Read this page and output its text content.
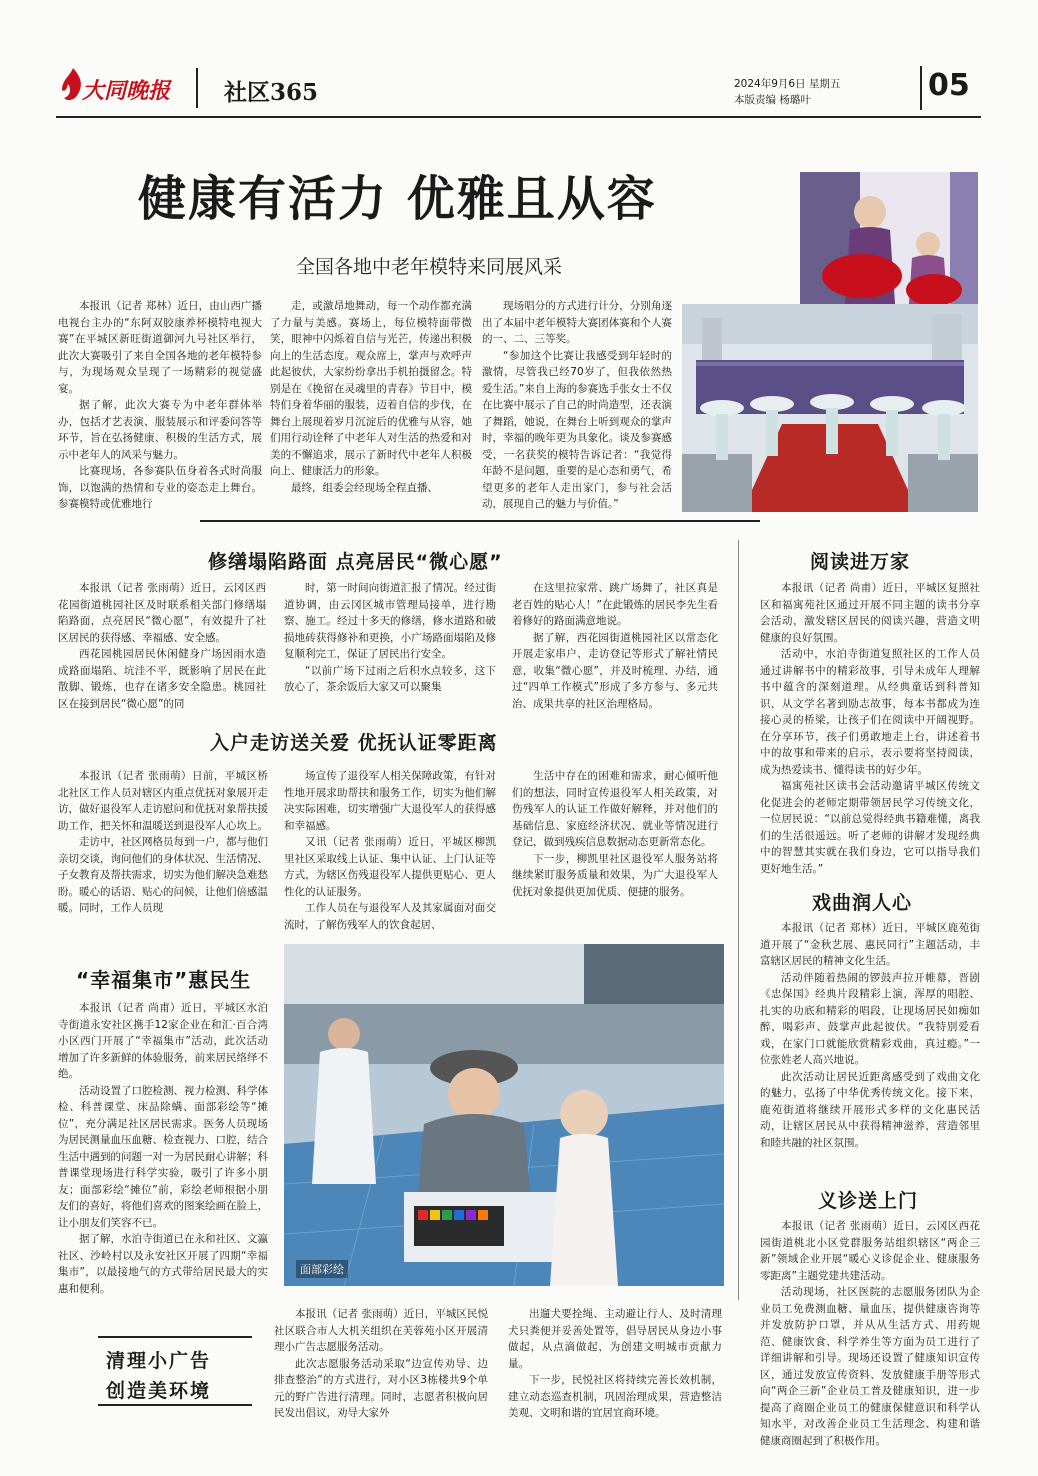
大同晚报 社区365	2024年9月6日 星期五
本版责编 杨璐叶	05
健康有活力 优雅且从容
全国各地中老年模特来同展风采

本报讯（记者 郑林）近日，由山西广播电视台主办的“东阿双胶康养杯模特电视大赛”在平城区新旺街道御河九号社区举行，此次大赛吸引了来自全国各地的老年模特参与，为现场观众呈现了一场精彩的视觉盛宴。

据了解，此次大赛专为中老年群体举办，包括才艺表演、服装展示和评委问答等环节，旨在弘扬健康、积极的生活方式，展示中老年人的风采与魅力。

比赛现场，各参赛队伍身着各式时尚服饰，以饱满的热情和专业的姿态走上舞台。参赛模特或优雅地行

走，或激昂地舞动，每一个动作都充满了力量与美感。赛场上，每位模特面带微笑，眼神中闪烁着自信与光芒，传递出积极向上的生活态度。观众席上，掌声与欢呼声此起彼伏，大家纷纷拿出手机拍摄留念。特别是在《挽留在灵魂里的青春》节目中，模特们身着华丽的服装，迈着自信的步伐，在舞台上展现着岁月沉淀后的优雅与从容，她们用行动诠释了中老年人对生活的热爱和对美的不懈追求，展示了新时代中老年人积极向上、健康活力的形象。

最终，组委会经现场全程直播、

现场唱分的方式进行计分，分别角逐出了本届中老年模特大赛团体赛和个人赛的一、二、三等奖。

“参加这个比赛让我感受到年轻时的激情，尽管我已经70岁了，但我依然热爱生活。”来自上海的参赛选手张女士不仅在比赛中展示了自己的时尚造型，还表演了舞蹈，她说，在舞台上听到观众的掌声时，幸福的晚年更为具象化。谈及参赛感受，一名获奖的模特告诉记者：“我觉得年龄不是问题，重要的是心态和勇气，希望更多的老年人走出家门，参与社会活动，展现自己的魅力与价值。”

修缮塌陷路面 点亮居民“微心愿”

本报讯（记者 张雨萌）近日，云冈区西花园街道桃园社区及时联系相关部门修缮塌陷路面，点亮居民“微心愿”，有效提升了社区居民的获得感、幸福感、安全感。

西花园桃园居民休闲健身广场因雨水造成路面塌陷、坑洼不平，既影响了居民在此散脚、锻炼，也存在诸多安全隐患。桃园社区在接到居民“微心愿”的同

时，第一时间向街道汇报了情况。经过街道协调，由云冈区城市管理局接单，进行勘察、施工。经过十多天的修缮，修水道路和破损地砖获得修补和更换，小广场路面塌陷及修复顺利完工，保证了居民出行安全。

“以前广场下过雨之后积水点较多，这下放心了，茶余饭后大家又可以聚集

在这里拉家常、跳广场舞了，社区真是老百姓的贴心人！”在此锻炼的居民李先生看着修好的路面满意地说。

据了解，西花园街道桃园社区以常态化开展走家串户、走访登记等形式了解社情民意，收集“微心愿”，并及时梳理、办结，通过“四单工作模式”形成了多方参与、多元共治、成果共享的社区治理格局。

入户走访送关爱 优抚认证零距离

本报讯（记者 张雨萌）日前，平城区桥北社区工作人员对辖区内重点优抚对象展开走访，做好退役军人走访慰问和优抚对象帮扶援助工作，把关怀和温暖送到退役军人心坎上。

走访中，社区网格员每到一户，都与他们亲切交谈，询问他们的身体状况、生活情况、子女教育及帮扶需求，切实为他们解决急难愁盼。暖心的话语、贴心的问候，让他们倍感温暖。同时，工作人员现

场宣传了退役军人相关保障政策，有针对性地开展求助帮扶和服务工作，切实为他们解决实际困难，切实增强广大退役军人的获得感和幸福感。

又讯（记者 张雨萌）近日，平城区柳凯里社区采取线上认证、集中认证、上门认证等方式，为辖区伤残退役军人提供更贴心、更人性化的认证服务。

工作人员在与退役军人及其家属面对面交流时，了解伤残军人的饮食起居、

生活中存在的困难和需求，耐心倾听他们的想法，同时宣传退役军人相关政策，对伤残军人的认证工作做好解释，并对他们的基础信息、家庭经济状况、就业等情况进行登记，做到残疾信息数据动态更新常态化。

下一步，柳凯里社区退役军人服务站将继续紧盯服务质量和效果，为广大退役军人优抚对象提供更加优质、便捷的服务。

阅读进万家

本报讯（记者 尚甫）近日，平城区复照社区和福寓苑社区通过开展不同主题的读书分享会活动，激发辖区居民的阅读兴趣，营造文明健康的良好氛围。

活动中，水泊寺街道复照社区的工作人员通过讲解书中的精彩故事，引导未成年人理解书中蕴含的深刻道理。从经典童话到科普知识，从文学名著到励志故事，每本书都成为连接心灵的桥梁，让孩子们在阅读中开阔视野。在分享环节，孩子们勇敢地走上台，讲述着书中的故事和带来的启示，表示要将坚持阅读，成为热爱读书、懂得读书的好少年。

福寓苑社区读书会活动邀请平城区传统文化促进会的老师定期带领居民学习传统文化，一位居民说：“以前总觉得经典书籍难懂，离我们的生活很遥远。听了老师的讲解才发现经典中的智慧其实就在我们身边，它可以指导我们更好地生活。”

戏曲润人心

本报讯（记者 郑林）近日，平城区鹿苑街道开展了“金秋艺展、惠民同行”主题活动，丰富辖区居民的精神文化生活。

活动伴随着热闹的锣鼓声拉开帷幕，晋剧《忠保国》经典片段精彩上演，浑厚的唱腔、扎实的功底和精彩的唱段，让现场居民如痴如醉，喝彩声、鼓掌声此起彼伏。“我特别爱看戏，在家门口就能欣赏精彩戏曲，真过瘾。”一位张姓老人高兴地说。

此次活动让居民近距离感受到了戏曲文化的魅力，弘扬了中华优秀传统文化。接下来，鹿苑街道将继续开展形式多样的文化惠民活动，让辖区居民从中获得精神滋养，营造邻里和睦共融的社区氛围。

义诊送上门

本报讯（记者 张雨萌）近日，云冈区西花园街道桃北小区党群服务站组织辖区“两企三新”领域企业开展“暖心义诊促企业、健康服务零距离”主题党建共建活动。

活动现场，社区医院的志愿服务团队为企业员工免费测血糖、量血压，提供健康咨询等并发放防护口罩，并从从生活方式、用药规范、健康饮食、科学养生等方面为员工进行了详细讲解和引导。现场还设置了健康知识宣传区，通过发放宣传资料、发放健康手册等形式向“两企三新”企业员工普及健康知识，进一步提高了商圈企业员工的健康保健意识和科学认知水平，对改善企业员工生活理念、构建和谐健康商圈起到了积极作用。

“幸福集市”惠民生

本报讯（记者 尚甫）近日，平城区水泊寺街道永安社区携手12家企业在和汇·百合湾小区西门开展了“幸福集市”活动，此次活动增加了许多新鲜的体验服务，前来居民络绎不绝。

活动设置了口腔检测、视力检测、科学体检、科普课堂、床品除螨、面部彩绘等“摊位”，充分满足社区居民需求。医务人员现场为居民测量血压血糖、检查视力、口腔，结合生活中遇到的问题一对一为居民耐心讲解；科普课堂现场进行科学实验，吸引了许多小朋友；面部彩绘“摊位”前，彩绘老师根据小朋友们的喜好，将他们喜欢的图案绘画在脸上，让小朋友们笑容不已。

据了解，水泊寺街道已在永和社区、文瀛社区、沙岭村以及永安社区开展了四期“幸福集市”，以最接地气的方式带给居民最大的实惠和便利。

面部彩绘
清理小广告
创造美环境

本报讯（记者 张雨萌）近日，平城区民悦社区联合市人大机关组织在芙蓉苑小区开展清理小广告志愿服务活动。

此次志愿服务活动采取“边宣传劝导、边排查整治”的方式进行，对小区3栋楼共9个单元的野广告进行清理。同时，志愿者积极向居民发出倡议，劝导大家外

出遛犬要拴绳、主动避让行人、及时清理犬只粪便并妥善处置等，倡导居民从身边小事做起，从点滴做起，为创建文明城市贡献力量。

下一步，民悦社区将持续完善长效机制，建立动态巡查机制，巩固治理成果，营造整洁美观、文明和谐的宜居宜商环境。
